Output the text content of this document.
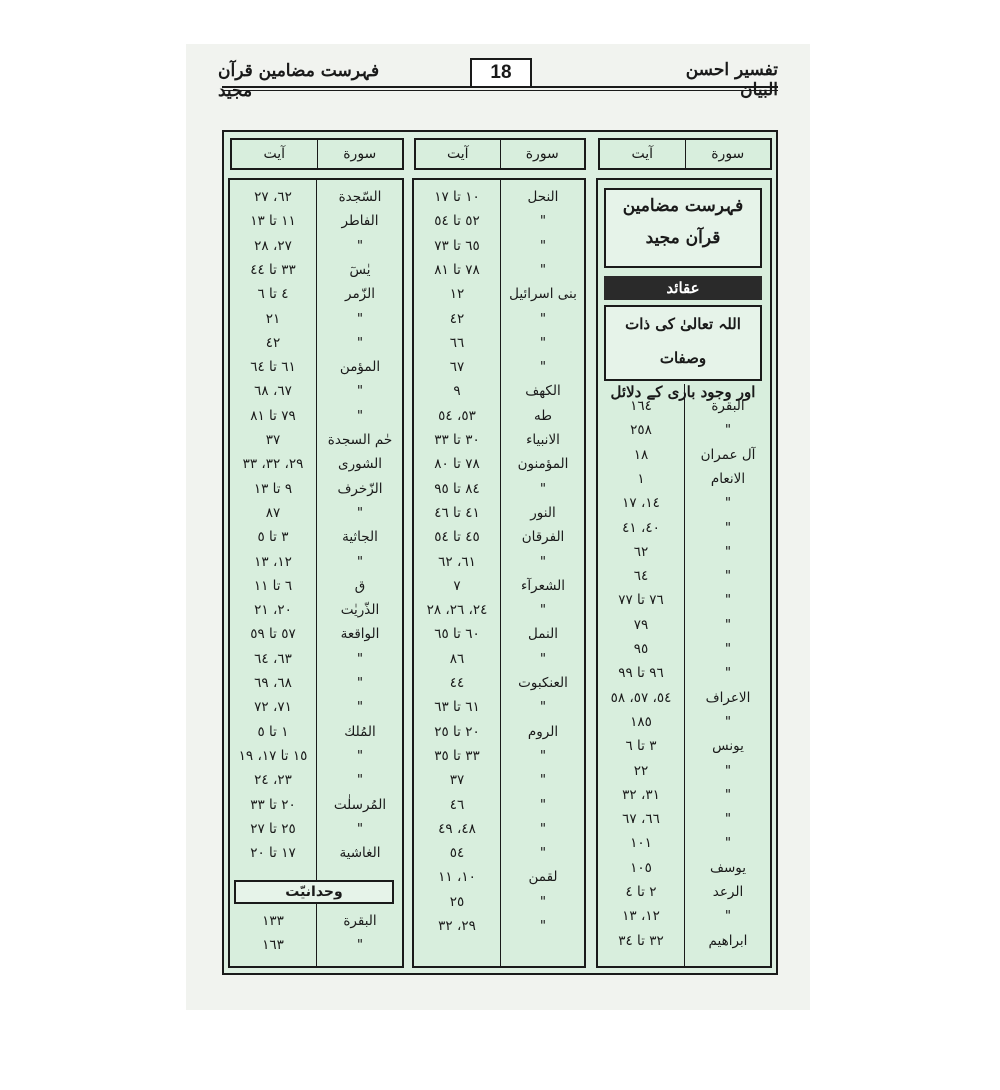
تفسیر احسن البیان
18
فہرست مضامین قرآن مجید
سورة
آیت
سورة
آیت
سورة
آیت
فہرست مضامین
قرآن مجید
عقائد
اللہ تعالیٰ کی ذات وصفات
اور وجود باری کے دلائل
البقرة
١٦٤
"
٢٥٨
آل عمران
١٨
الانعام
١
"
١٤، ١٧
"
٤٠، ٤١
"
٦٢
"
٦٤
"
٧٦ تا ٧٧
"
٧٩
"
٩٥
"
٩٦ تا ٩٩
الاعراف
٥٤، ٥٧، ٥٨
"
١٨٥
یونس
٣ تا ٦
"
٢٢
"
٣١، ٣٢
"
٦٦، ٦٧
"
١٠١
یوسف
١٠٥
الرعد
٢ تا ٤
"
١٢، ١٣
ابراهیم
٣٢ تا ٣٤
النحل
١٠ تا ١٧
"
٥٢ تا ٥٤
"
٦٥ تا ٧٣
"
٧٨ تا ٨١
بنی اسرائیل
١٢
"
٤٢
"
٦٦
"
٦٧
الکهف
٩
طه
٥٣، ٥٤
الانبیاء
٣٠ تا ٣٣
المؤمنون
٧٨ تا ٨٠
"
٨٤ تا ٩٥
النور
٤١ تا ٤٦
الفرقان
٤٥ تا ٥٤
"
٦١، ٦٢
الشعرآء
٧
"
٢٤، ٢٦، ٢٨
النمل
٦٠ تا ٦٥
"
٨٦
العنکبوت
٤٤
"
٦١ تا ٦٣
الروم
٢٠ تا ٢٥
"
٣٣ تا ٣٥
"
٣٧
"
٤٦
"
٤٨، ٤٩
"
٥٤
لقمن
١٠، ١١
"
٢٥
"
٢٩، ٣٢
السّجدة
٦٢، ٢٧
الفاطر
١١ تا ١٣
"
٢٧، ٢٨
یٰسٓ
٣٣ تا ٤٤
الزّمر
٤ تا ٦
"
٢١
"
٤٢
المؤمن
٦١ تا ٦٤
"
٦٧، ٦٨
"
٧٩ تا ٨١
حٰم السجدة
٣٧
الشوری
٢٩، ٣٢، ٣٣
الزّخرف
٩ تا ١٣
"
٨٧
الجاثیة
٣ تا ٥
"
١٢، ١٣
ق
٦ تا ١١
الذّریٰت
٢٠، ٢١
الواقعة
٥٧ تا ٥٩
"
٦٣، ٦٤
"
٦٨، ٦٩
"
٧١، ٧٢
المُلك
١ تا ٥
"
١٥ تا ١٧، ١٩
"
٢٣، ٢٤
المُرسلٰت
٢٠ تا ٣٣
"
٢٥ تا ٢٧
الغاشیة
١٧ تا ٢٠
البقرة
١٣٣
"
١٦٣
وحدانیّت
